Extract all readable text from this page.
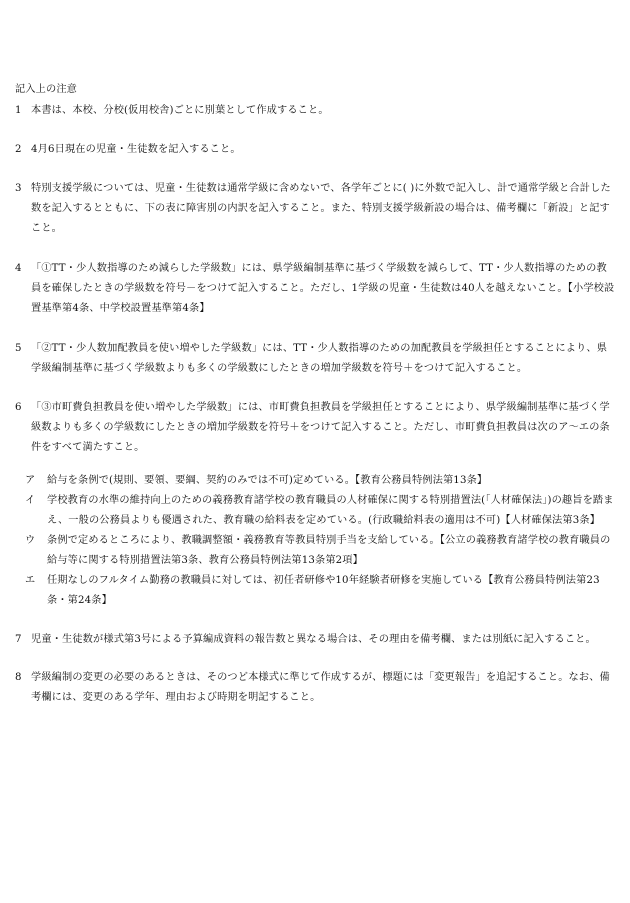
記入上の注意
1 本書は、本校、分校(仮用校舎)ごとに別葉として作成すること。
2 4月6日現在の児童・生徒数を記入すること。
3 特別支援学級については、児童・生徒数は通常学級に含めないで、各学年ごとに( )に外数で記入し、計で通常学級と合計した数を記入するとともに、下の表に障害別の内訳を記入すること。また、特別支援学級新設の場合は、備考欄に「新設」と記すこと。
4 「①TT・少人数指導のため減らした学級数」には、県学級編制基準に基づく学級数を減らして、TT・少人数指導のための教員を確保したときの学級数を符号－をつけて記入すること。ただし、1学級の児童・生徒数は40人を越えないこと。【小学校設置基準第4条、中学校設置基準第4条】
5 「②TT・少人数加配教員を使い増やした学級数」には、TT・少人数指導のための加配教員を学級担任とすることにより、県学級編制基準に基づく学級数よりも多くの学級数にしたときの増加学級数を符号＋をつけて記入すること。
6 「③市町費負担教員を使い増やした学級数」には、市町費負担教員を学級担任とすることにより、県学級編制基準に基づく学級数よりも多くの学級数にしたときの増加学級数を符号＋をつけて記入すること。ただし、市町費負担教員は次のア～エの条件をすべて満たすこと。
ア	給与を条例で(規則、要領、要綱、契約のみでは不可)定めている。【教育公務員特例法第13条】
イ	学校教育の水準の維持向上のための義務教育諸学校の教育職員の人材確保に関する特別措置法(「人材確保法」)の趣旨を踏まえ、一般の公務員よりも優遇された、教育職の給料表を定めている。(行政職給料表の適用は不可)【人材確保法第3条】
ウ	条例で定めるところにより、教職調整額・義務教育等教員特別手当を支給している。【公立の義務教育諸学校の教育職員の給与等に関する特別措置法第3条、教育公務員特例法第13条第2項】
エ	任期なしのフルタイム勤務の教職員に対しては、初任者研修や10年経験者研修を実施している【教育公務員特例法第23条・第24条】
7 児童・生徒数が様式第3号による予算編成資料の報告数と異なる場合は、その理由を備考欄、または別紙に記入すること。
8 学級編制の変更の必要のあるときは、そのつど本様式に準じて作成するが、標題には「変更報告」を追記すること。なお、備考欄には、変更のある学年、理由および時期を明記すること。
